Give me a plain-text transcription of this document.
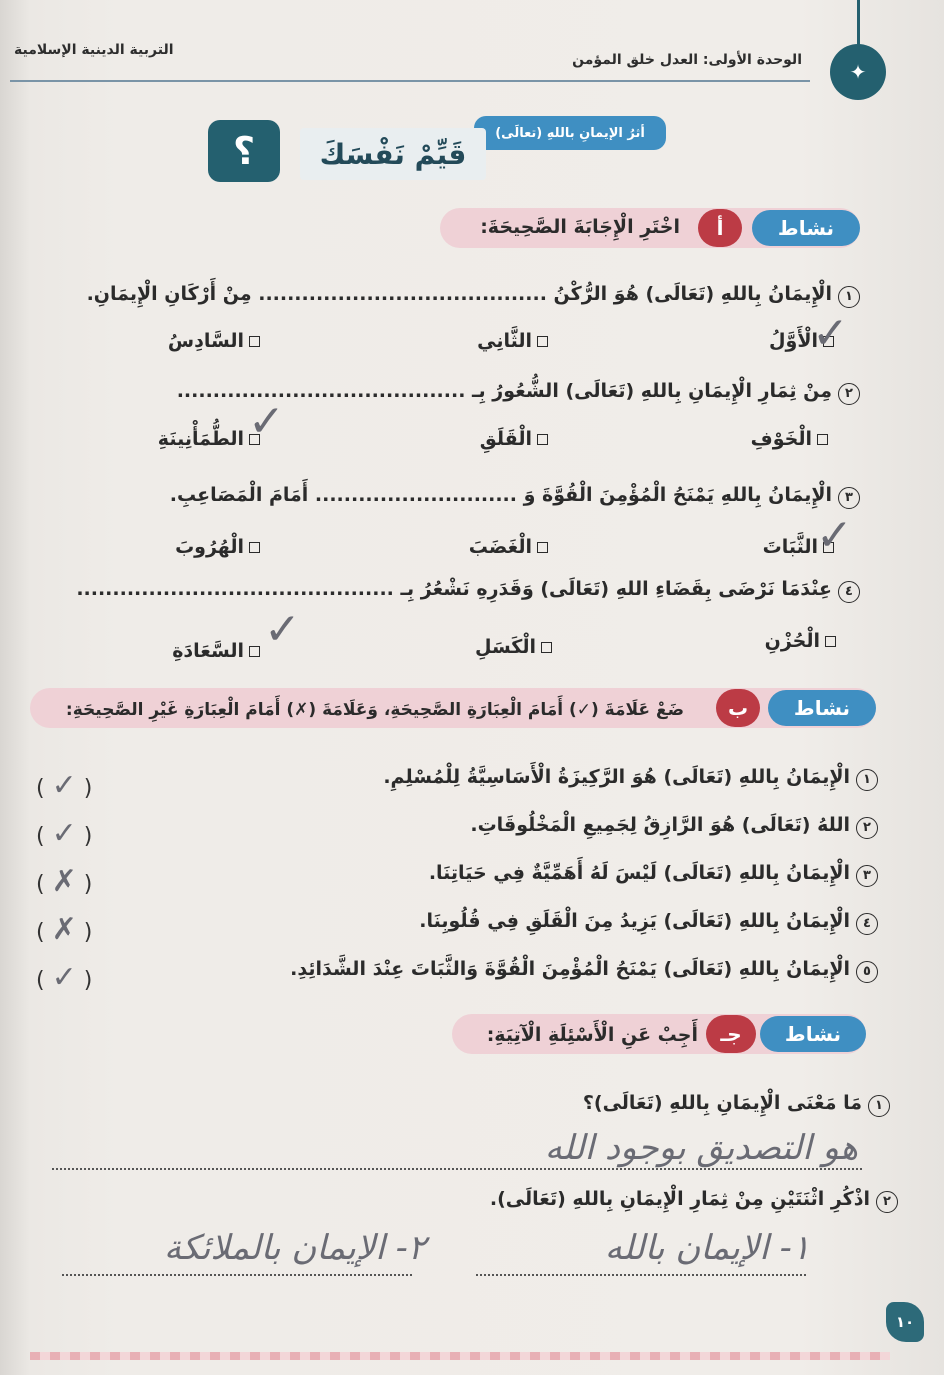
✦
الوحدة الأولى: العدل خلق المؤمن
التربية الدينية الإسلامية
أثرُ الإيمانِ باللهِ (تعالَى)
قَيِّمْ نَفْسَكَ
؟
نشاط
أ
اخْتَرِ الْإِجَابَةَ الصَّحِيحَةَ:
١الْإِيمَانُ بِاللهِ (تَعَالَى) هُوَ الرُّكْنُ ........................................ مِنْ أَرْكَانِ الْإِيمَانِ.
الْأَوَّلُ
الثَّانِي
السَّادِسُ	✓
٢مِنْ ثِمَارِ الْإِيمَانِ بِاللهِ (تَعَالَى) الشُّعُورُ بِـ ........................................
الْخَوْفِ
الْقَلَقِ
الطُّمَأْنِينَةِ ✓
٣الْإِيمَانُ بِاللهِ يَمْنَحُ الْمُؤْمِنَ الْقُوَّةَ وَ ............................ أَمَامَ الْمَصَاعِبِ.
الثَّبَاتَ
الْغَضَبَ
الْهُرُوبَ	✓
٤عِنْدَمَا نَرْضَى بِقَضَاءِ اللهِ (تَعَالَى) وَقَدَرِهِ نَشْعُرُ بِـ ............................................
الْحُزْنِ
الْكَسَلِ
السَّعَادَةِ ✓
نشاط
ب
ضَعْ عَلَامَةَ (✓) أَمَامَ الْعِبَارَةِ الصَّحِيحَةِ، وَعَلَامَةَ (✗) أَمَامَ الْعِبَارَةِ غَيْرِ الصَّحِيحَةِ:
١الْإِيمَانُ بِاللهِ (تَعَالَى) هُوَ الرَّكِيزَةُ الْأَسَاسِيَّةُ لِلْمُسْلِمِ.
٢اللهُ (تَعَالَى) هُوَ الرَّازِقُ لِجَمِيعِ الْمَخْلُوقَاتِ.
٣الْإِيمَانُ بِاللهِ (تَعَالَى) لَيْسَ لَهُ أَهَمِّيَّةٌ فِي حَيَاتِنَا.
٤الْإِيمَانُ بِاللهِ (تَعَالَى) يَزِيدُ مِنَ الْقَلَقِ فِي قُلُوبِنَا.
٥الْإِيمَانُ بِاللهِ (تَعَالَى) يَمْنَحُ الْمُؤْمِنَ الْقُوَّةَ وَالثَّبَاتَ عِنْدَ الشَّدَائِدِ.
( ✓ )
( ✓ )
( ✗ )
( ✗ )
( ✓ )
نشاط
جـ
أَجِبْ عَنِ الْأَسْئِلَةِ الْآتِيَةِ:
١مَا مَعْنَى الْإِيمَانِ بِاللهِ (تَعَالَى)؟
هو التصديق بوجود الله
٢اذْكُرِ اثْنَتَيْنِ مِنْ ثِمَارِ الْإِيمَانِ بِاللهِ (تَعَالَى).
١- الإيمان بالله
٢- الإيمان بالملائكة
١٠
